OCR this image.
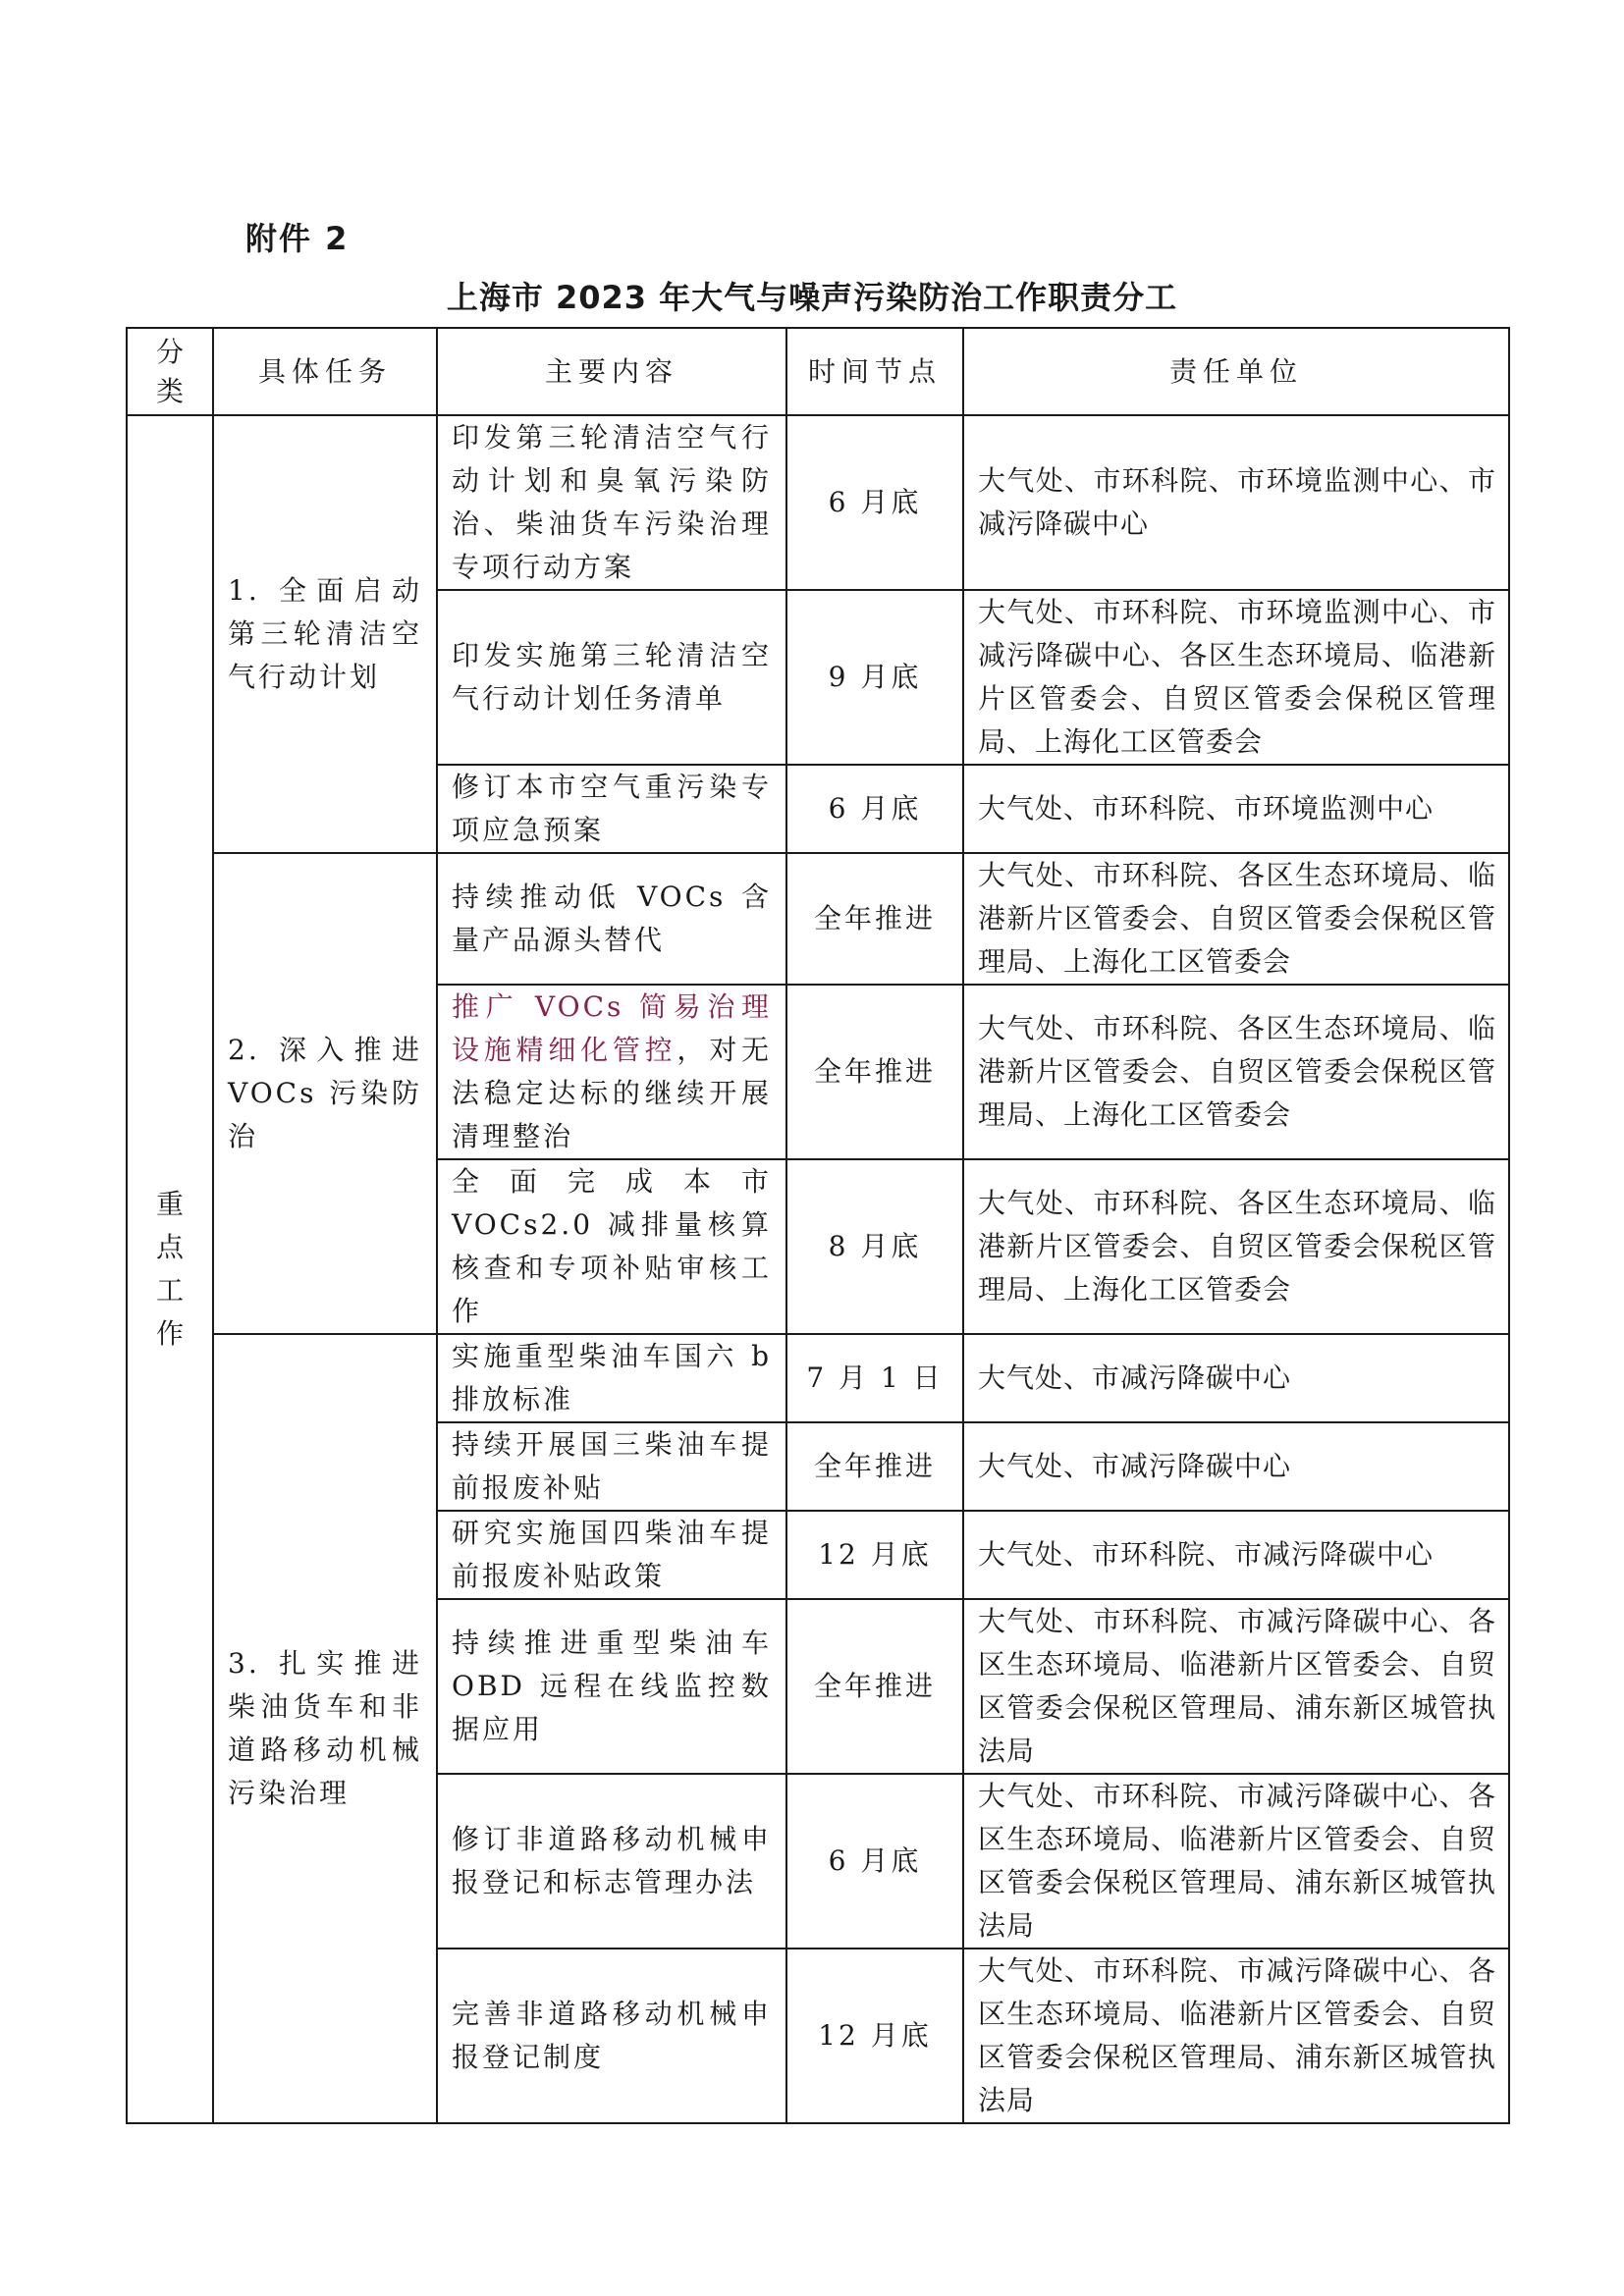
附件 2
上海市 2023 年大气与噪声污染防治工作职责分工
分类	具体任务	主要内容	时间节点	责任单位
重点工作	1. 全面启动第三轮清洁空气行动计划	印发第三轮清洁空气行动计划和臭氧污染防治、柴油货车污染治理专项行动方案	6 月底	大气处、市环科院、市环境监测中心、市减污降碳中心
		印发实施第三轮清洁空气行动计划任务清单	9 月底	大气处、市环科院、市环境监测中心、市减污降碳中心、各区生态环境局、临港新片区管委会、自贸区管委会保税区管理局、上海化工区管委会
		修订本市空气重污染专项应急预案	6 月底	大气处、市环科院、市环境监测中心
	2. 深入推进 VOCs 污染防治	持续推动低 VOCs 含量产品源头替代	全年推进	大气处、市环科院、各区生态环境局、临港新片区管委会、自贸区管委会保税区管理局、上海化工区管委会
		推广 VOCs 简易治理设施精细化管控，对无法稳定达标的继续开展清理整治	全年推进	大气处、市环科院、各区生态环境局、临港新片区管委会、自贸区管委会保税区管理局、上海化工区管委会
		全面完成本市 VOCs2.0 减排量核算核查和专项补贴审核工作	8 月底	大气处、市环科院、各区生态环境局、临港新片区管委会、自贸区管委会保税区管理局、上海化工区管委会
	3. 扎实推进柴油货车和非道路移动机械污染治理	实施重型柴油车国六 b 排放标准	7 月 1 日	大气处、市减污降碳中心
		持续开展国三柴油车提前报废补贴	全年推进	大气处、市减污降碳中心
		研究实施国四柴油车提前报废补贴政策	12 月底	大气处、市环科院、市减污降碳中心
		持续推进重型柴油车 OBD 远程在线监控数据应用	全年推进	大气处、市环科院、市减污降碳中心、各区生态环境局、临港新片区管委会、自贸区管委会保税区管理局、浦东新区城管执法局
		修订非道路移动机械申报登记和标志管理办法	6 月底	大气处、市环科院、市减污降碳中心、各区生态环境局、临港新片区管委会、自贸区管委会保税区管理局、浦东新区城管执法局
		完善非道路移动机械申报登记制度	12 月底	大气处、市环科院、市减污降碳中心、各区生态环境局、临港新片区管委会、自贸区管委会保税区管理局、浦东新区城管执法局
